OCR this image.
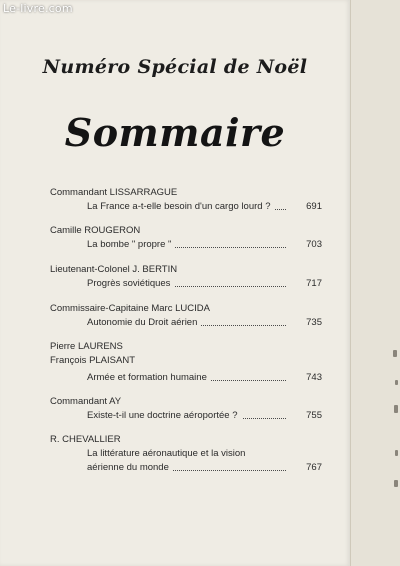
Numéro Spécial de Noël
Sommaire
Commandant LISSARRAGUE
La France a-t-elle besoin d'un cargo lourd ?	691
Camille ROUGERON
La bombe " propre "	703
Lieutenant-Colonel J. BERTIN
Progrès soviétiques	717
Commissaire-Capitaine Marc LUCIDA
Autonomie du Droit aérien	735
Pierre LAURENS
François PLAISANT
Armée et formation humaine	743
Commandant AY
Existe-t-il une doctrine aéroportée ?	755
R. CHEVALLIER
La littérature aéronautique et la vision
aérienne du monde	767
Le-livre.com
